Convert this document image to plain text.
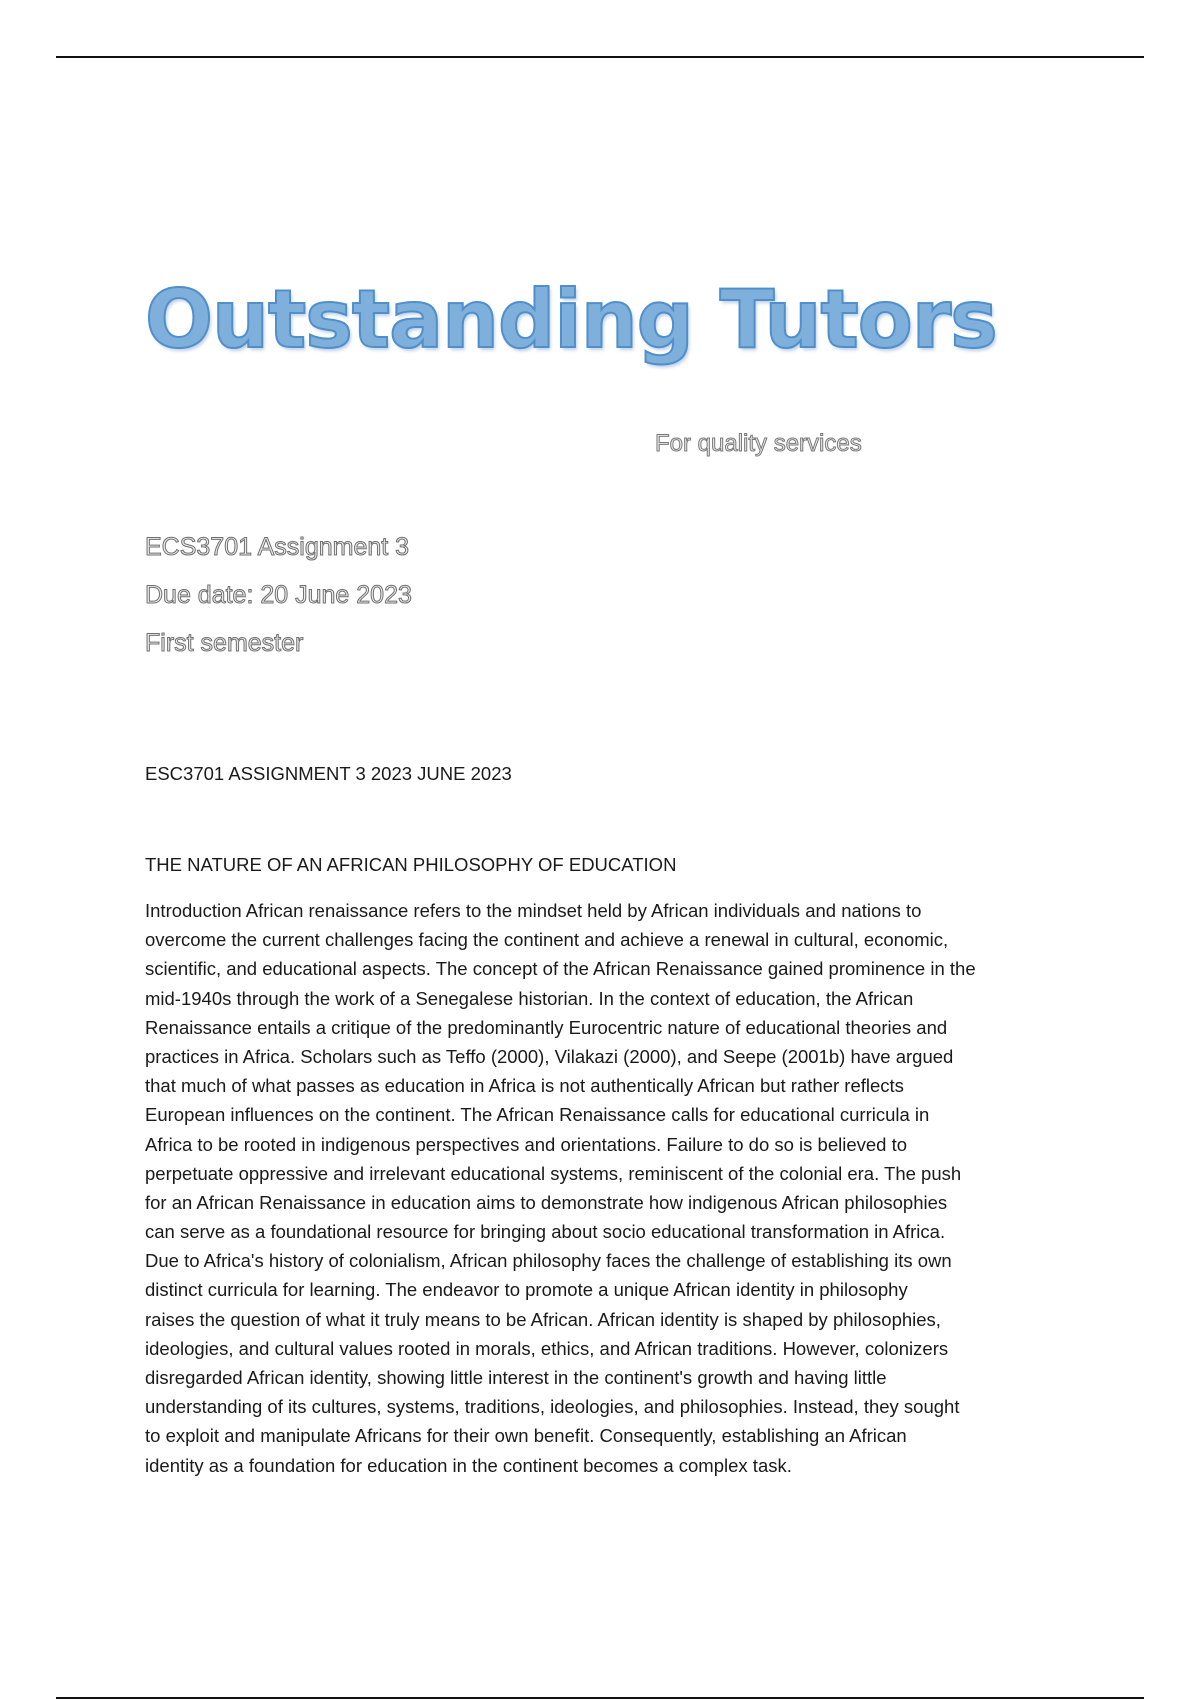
Outstanding Tutors
For quality services
ECS3701 Assignment 3
Due date: 20 June 2023
First semester
ESC3701 ASSIGNMENT 3 2023 JUNE 2023
THE NATURE OF AN AFRICAN PHILOSOPHY OF EDUCATION
Introduction African renaissance refers to the mindset held by African individuals and nations to
overcome the current challenges facing the continent and achieve a renewal in cultural, economic,
scientific, and educational aspects. The concept of the African Renaissance gained prominence in the
mid-1940s through the work of a Senegalese historian. In the context of education, the African
Renaissance entails a critique of the predominantly Eurocentric nature of educational theories and
practices in Africa. Scholars such as Teffo (2000), Vilakazi (2000), and Seepe (2001b) have argued
that much of what passes as education in Africa is not authentically African but rather reflects
European influences on the continent. The African Renaissance calls for educational curricula in
Africa to be rooted in indigenous perspectives and orientations. Failure to do so is believed to
perpetuate oppressive and irrelevant educational systems, reminiscent of the colonial era. The push
for an African Renaissance in education aims to demonstrate how indigenous African philosophies
can serve as a foundational resource for bringing about socio educational transformation in Africa.
Due to Africa's history of colonialism, African philosophy faces the challenge of establishing its own
distinct curricula for learning. The endeavor to promote a unique African identity in philosophy
raises the question of what it truly means to be African. African identity is shaped by philosophies,
ideologies, and cultural values rooted in morals, ethics, and African traditions. However, colonizers
disregarded African identity, showing little interest in the continent's growth and having little
understanding of its cultures, systems, traditions, ideologies, and philosophies. Instead, they sought
to exploit and manipulate Africans for their own benefit. Consequently, establishing an African
identity as a foundation for education in the continent becomes a complex task.
